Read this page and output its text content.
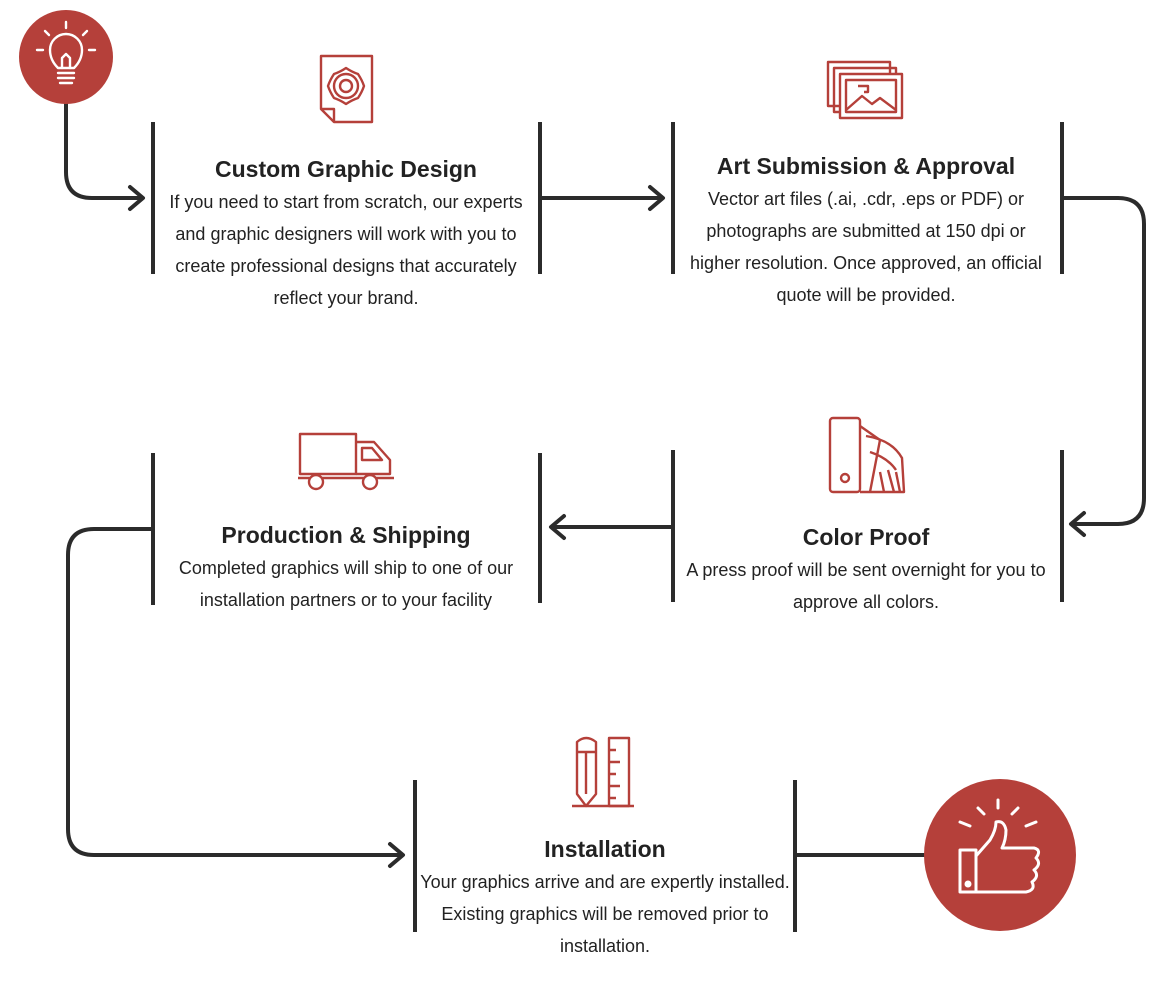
Custom Graphic Design
If you need to start from scratch, our experts and graphic designers will work with you to create professional designs that accurately reflect your brand.
Art Submission & Approval
Vector art files (.ai, .cdr, .eps or PDF) or photographs are submitted at 150 dpi or higher resolution. Once approved, an official quote will be provided.
Color Proof
A press proof will be sent overnight for you to approve all colors.
Production & Shipping
Completed graphics will ship to one of our installation partners or to your facility
Installation
Your graphics arrive and are expertly installed. Existing graphics will be removed prior to installation.
